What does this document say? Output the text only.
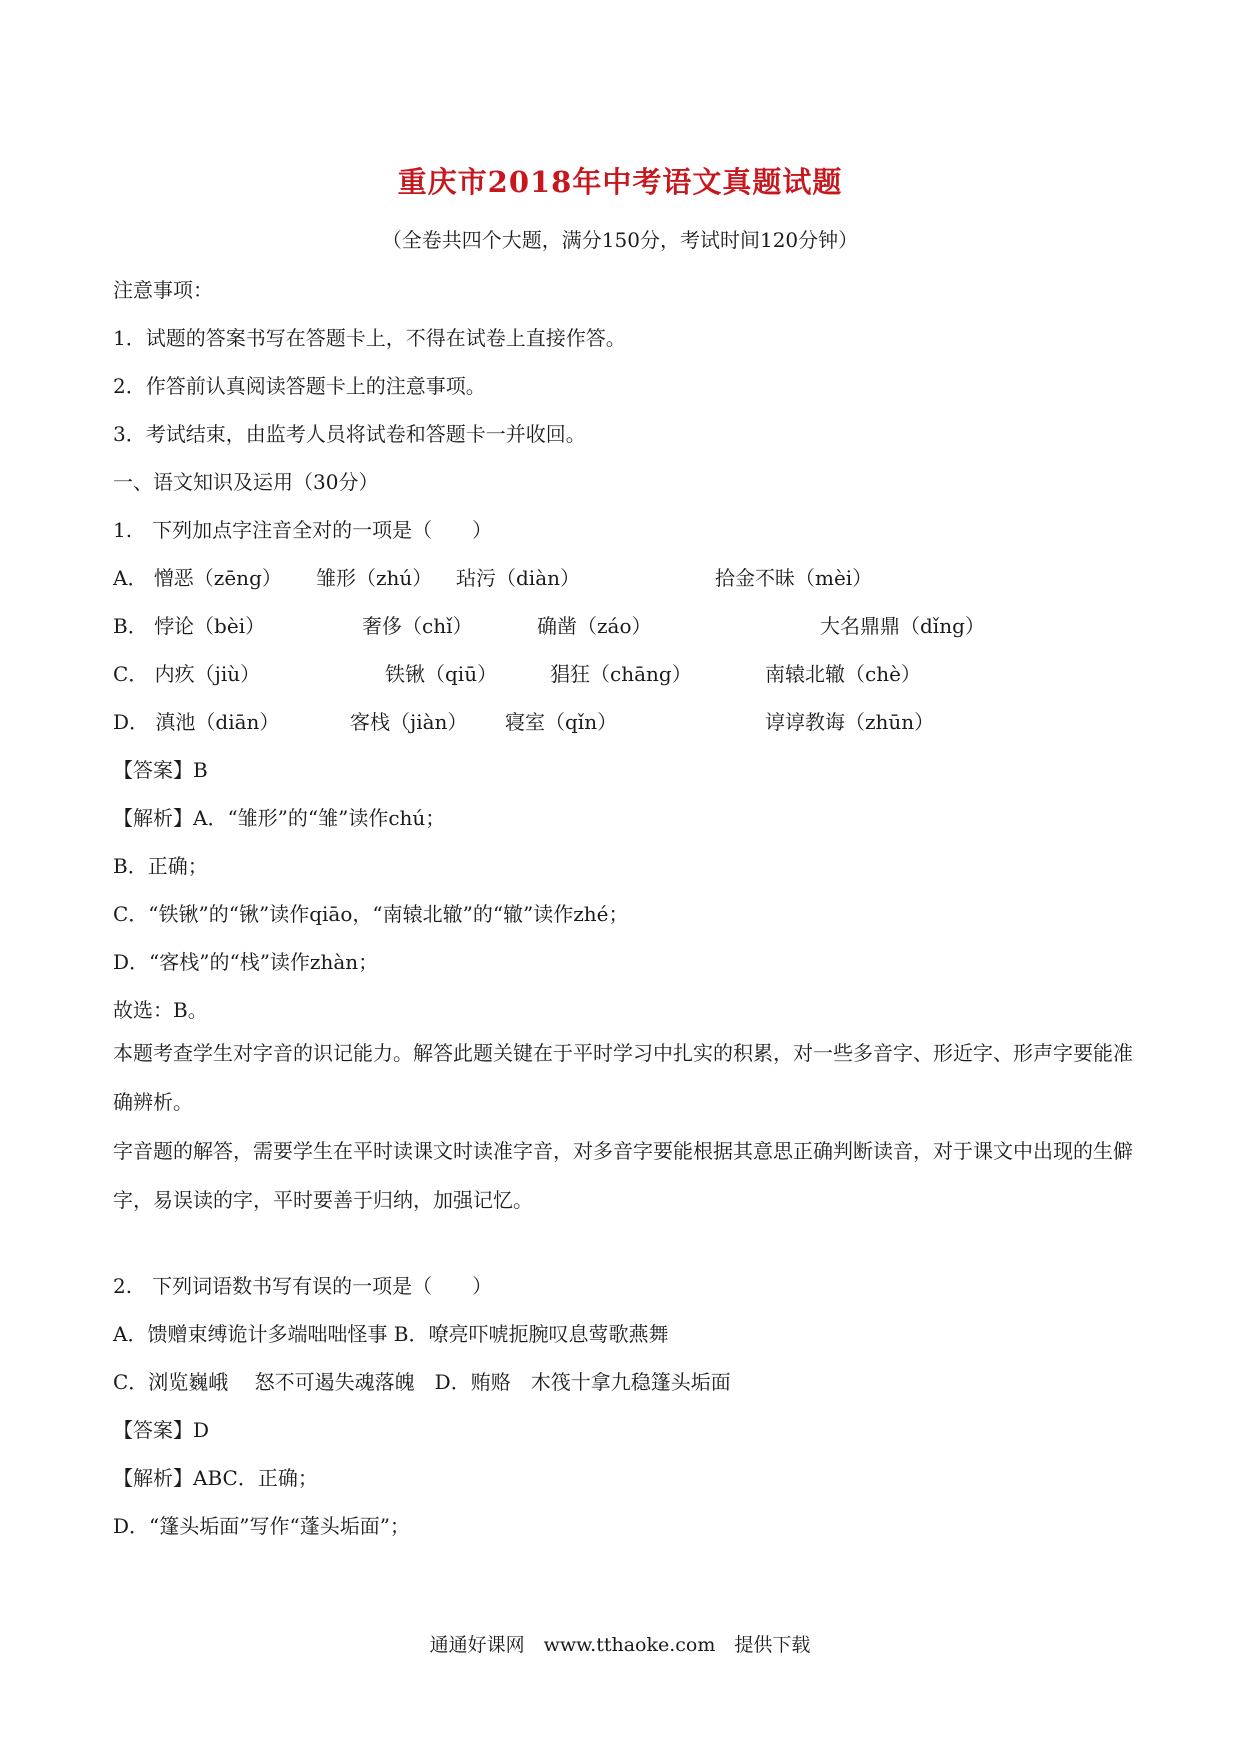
重庆市2018年中考语文真题试题
（全卷共四个大题，满分150分，考试时间120分钟）
注意事项：
1．试题的答案书写在答题卡上，不得在试卷上直接作答。
2．作答前认真阅读答题卡上的注意事项。
3．考试结束，由监考人员将试卷和答题卡一并收回。
一、语文知识及运用（30分）
1.　下列加点字注音全对的一项是（　　）
A． 憎恶（zēng） 雏形（zhú） 玷污（diàn）	拾金不昧（mèi）
B． 悖论（bèi）	奢侈（chǐ）	确凿（záo）	大名鼎鼎（dǐng）
C． 内疚（jiù）	铁锹（qiū）	猖狂（chāng）	南辕北辙（chè）
D． 滇池（diān）	客栈（jiàn） 寝室（qǐn）	谆谆教诲（zhūn）
【答案】B
【解析】A．“雏形”的“雏”读作chú；
B．正确；
C．“铁锹”的“锹”读作qiāo，“南辕北辙”的“辙”读作zhé；
D．“客栈”的“栈”读作zhàn；
故选：B。
本题考查学生对字音的识记能力。解答此题关键在于平时学习中扎实的积累，对一些多音字、形近字、形声字要能准确辨析。
字音题的解答，需要学生在平时读课文时读准字音，对多音字要能根据其意思正确判断读音，对于课文中出现的生僻字，易误读的字，平时要善于归纳，加强记忆。
2.　下列词语数书写有误的一项是（　　）
A．馈赠束缚诡计多端咄咄怪事 B．嘹亮吓唬扼腕叹息莺歌燕舞
C．浏览巍峨　 怒不可遏失魂落魄　D．贿赂　木筏十拿九稳篷头垢面
【答案】D
【解析】ABC．正确；
D．“篷头垢面”写作“蓬头垢面”；
通通好课网　www.tthaoke.com　提供下载
